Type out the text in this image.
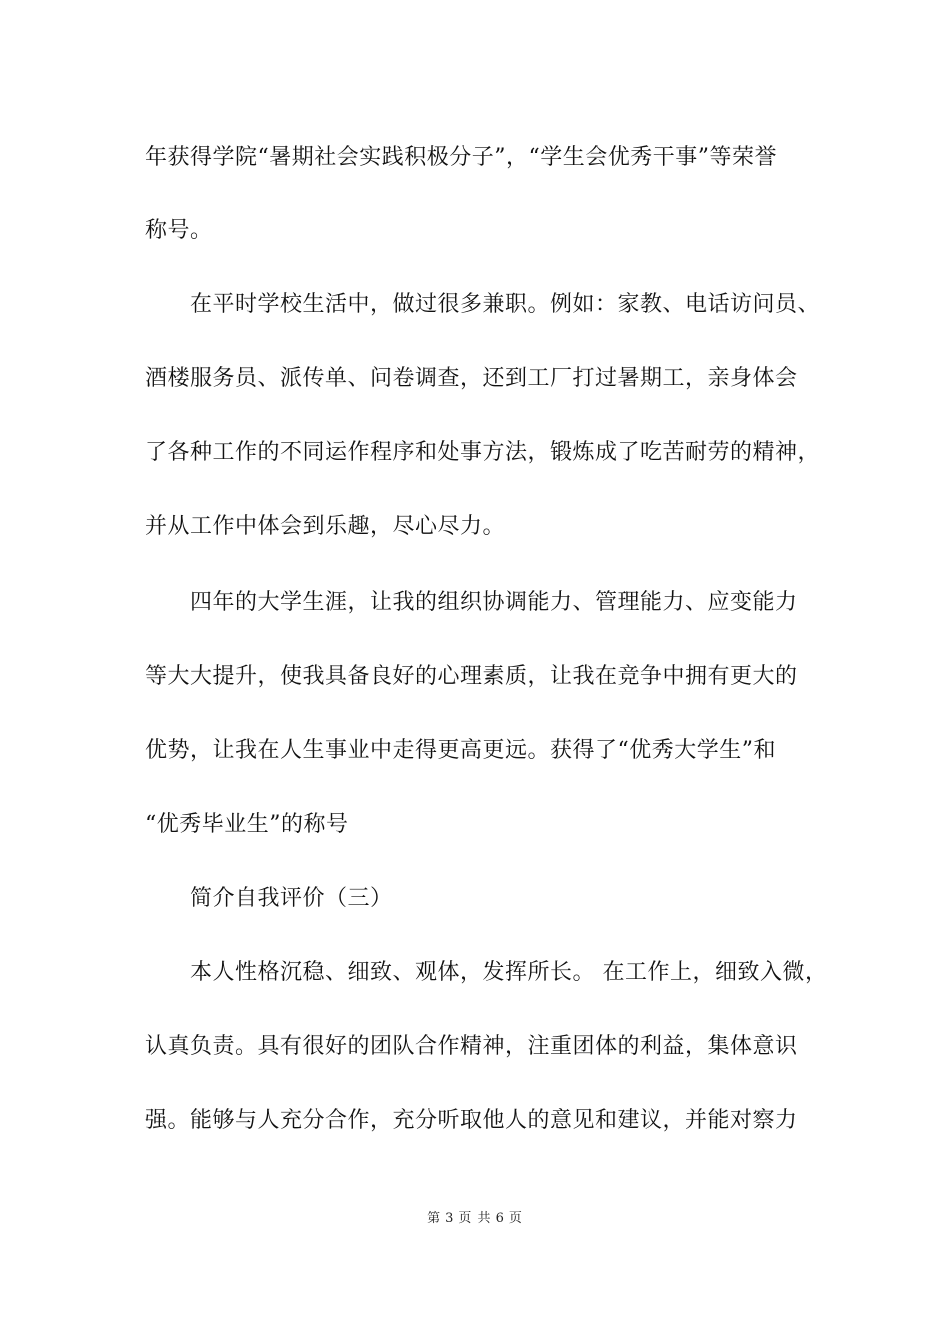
年获得学院“暑期社会实践积极分子”，“学生会优秀干事”等荣誉
称号。
在平时学校生活中，做过很多兼职。例如：家教、电话访问员、
酒楼服务员、派传单、问卷调查，还到工厂打过暑期工，亲身体会
了各种工作的不同运作程序和处事方法，锻炼成了吃苦耐劳的精神，
并从工作中体会到乐趣，尽心尽力。
四年的大学生涯，让我的组织协调能力、管理能力、应变能力
等大大提升，使我具备良好的心理素质，让我在竞争中拥有更大的
优势，让我在人生事业中走得更高更远。获得了“优秀大学生”和
“优秀毕业生”的称号
简介自我评价（三）
本人性格沉稳、细致、观体，发挥所长。 在工作上，细致入微，
认真负责。具有很好的团队合作精神，注重团体的利益，集体意识
强。能够与人充分合作，充分听取他人的意见和建议，并能对察力
第 3 页 共 6 页
